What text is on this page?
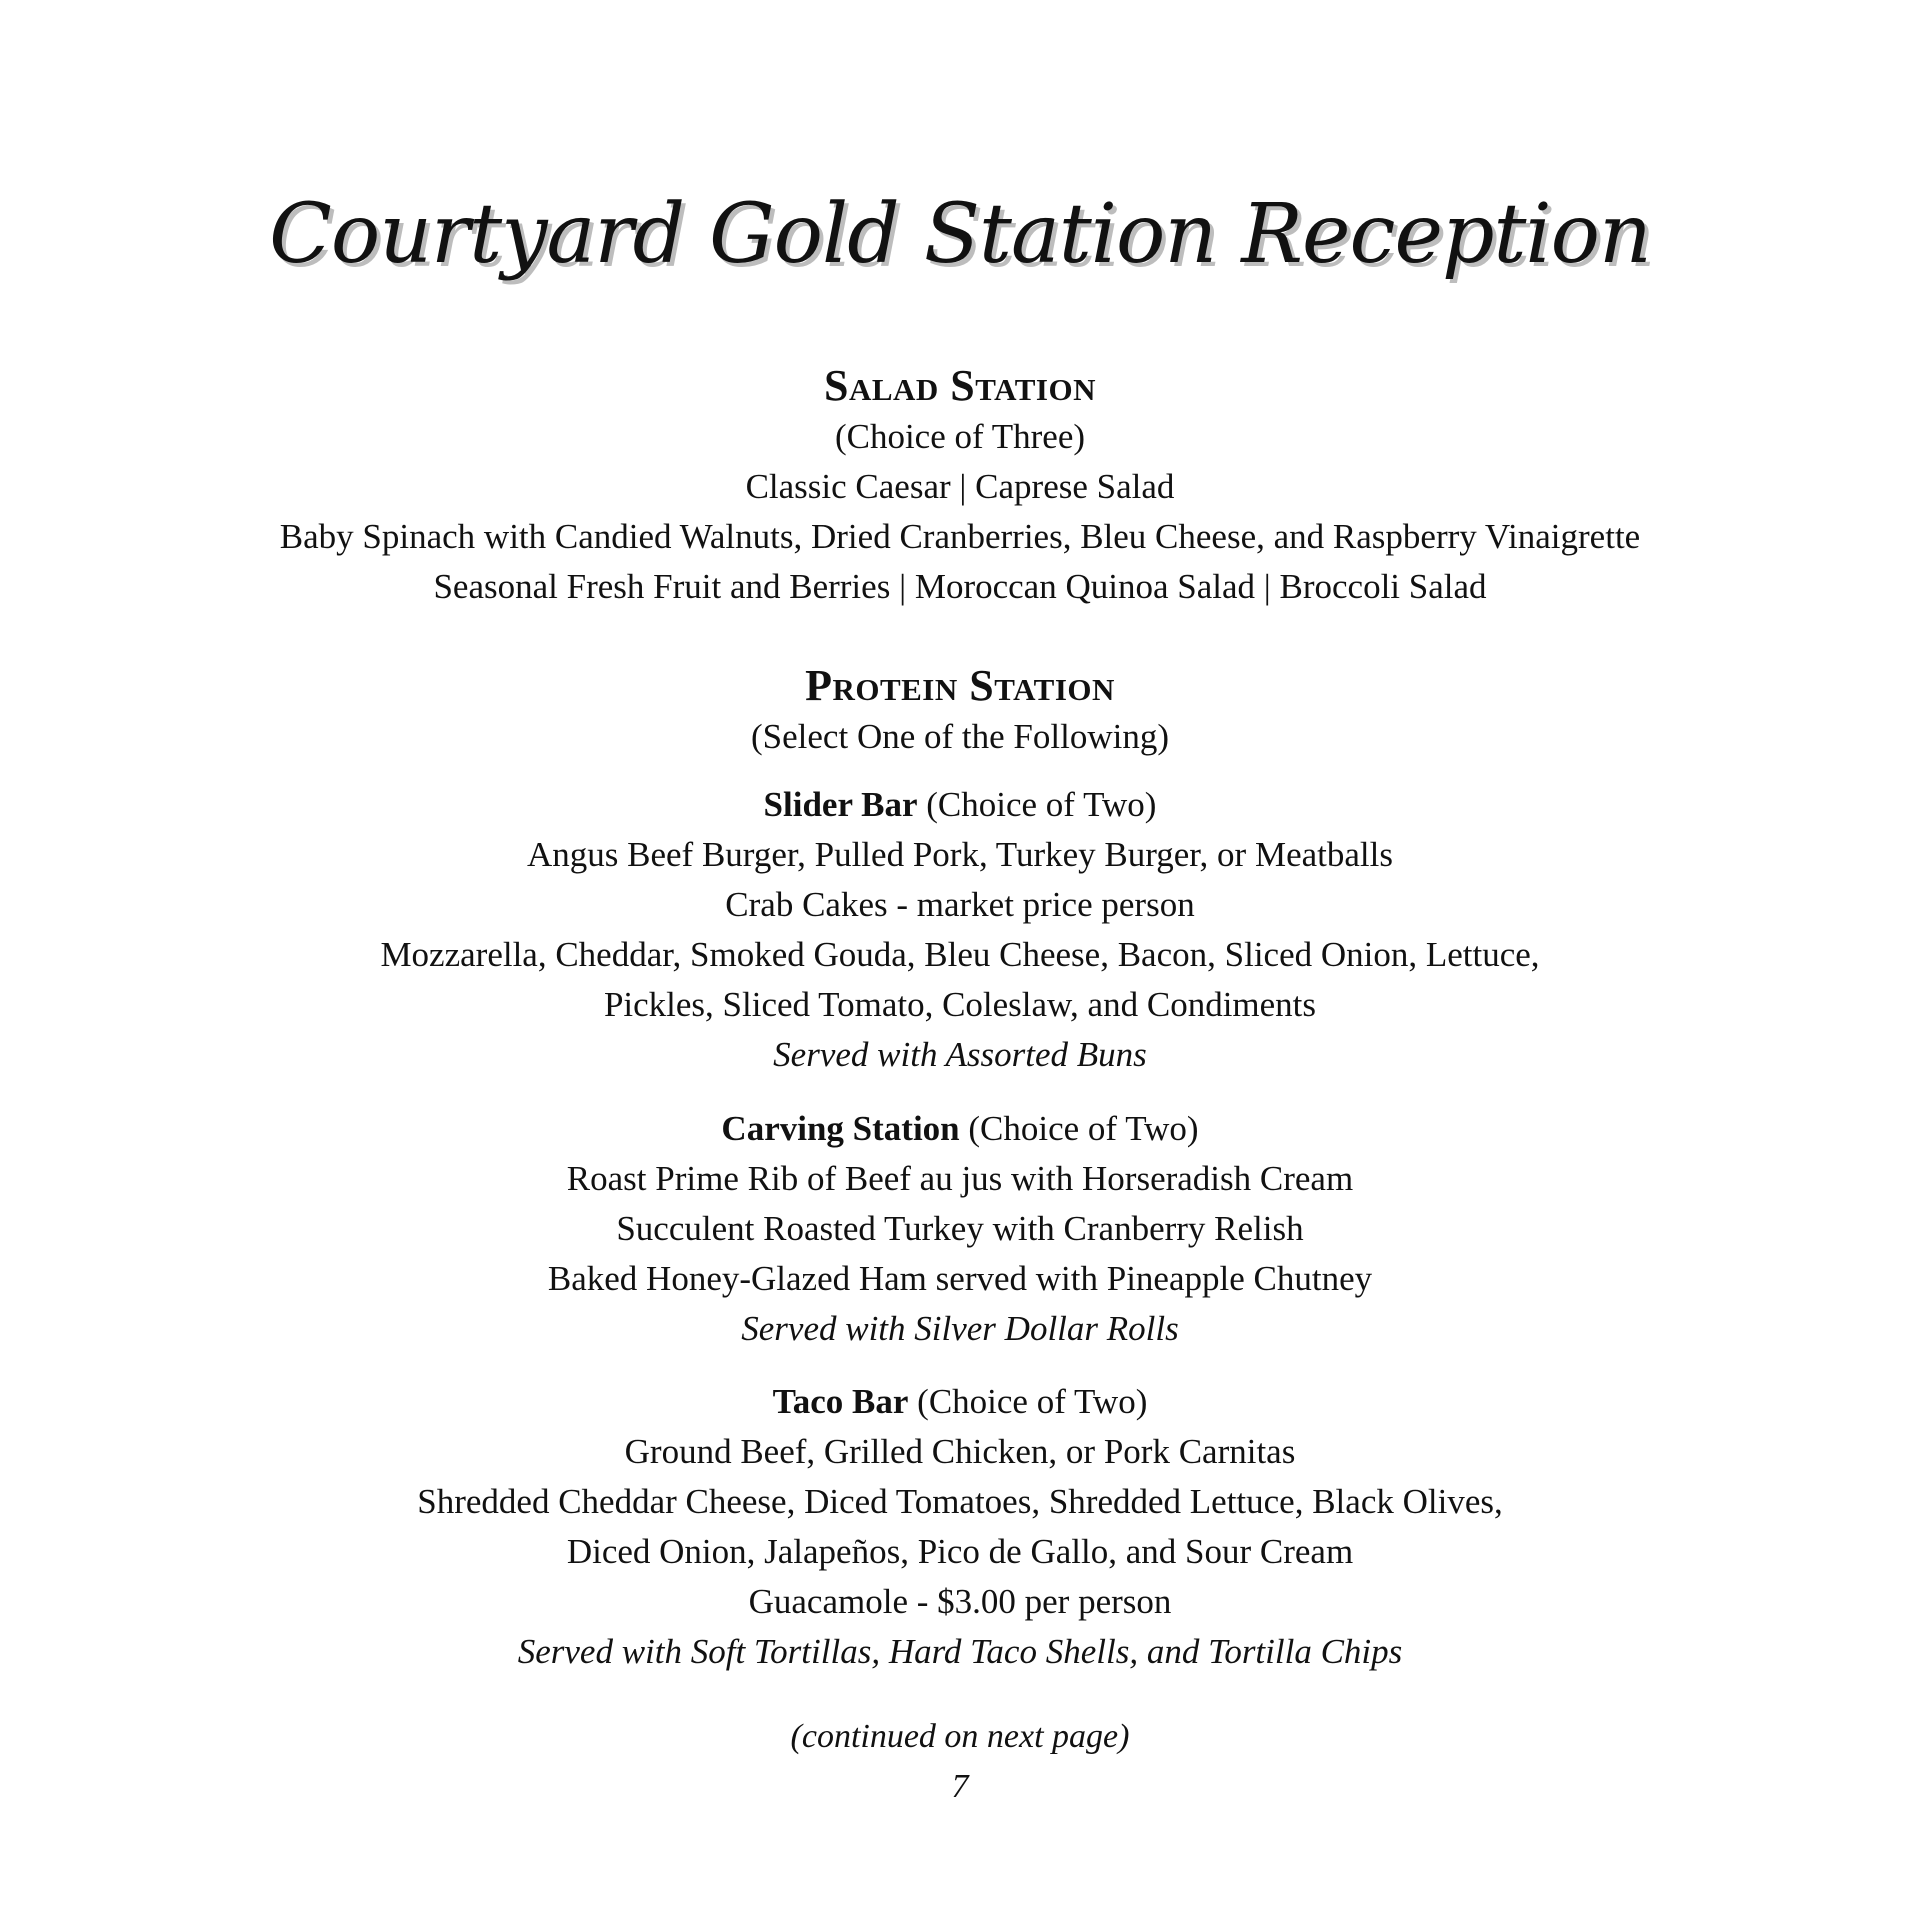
Courtyard Gold Station Reception
Salad Station
(Choice of Three)
Classic Caesar | Caprese Salad
Baby Spinach with Candied Walnuts, Dried Cranberries, Bleu Cheese, and Raspberry Vinaigrette
Seasonal Fresh Fruit and Berries | Moroccan Quinoa Salad | Broccoli Salad
Protein Station
(Select One of the Following)
Slider Bar (Choice of Two)
Angus Beef Burger, Pulled Pork, Turkey Burger, or Meatballs
Crab Cakes - market price person
Mozzarella, Cheddar, Smoked Gouda, Bleu Cheese, Bacon, Sliced Onion, Lettuce,
Pickles, Sliced Tomato, Coleslaw, and Condiments
Served with Assorted Buns
Carving Station (Choice of Two)
Roast Prime Rib of Beef au jus with Horseradish Cream
Succulent Roasted Turkey with Cranberry Relish
Baked Honey-Glazed Ham served with Pineapple Chutney
Served with Silver Dollar Rolls
Taco Bar (Choice of Two)
Ground Beef, Grilled Chicken, or Pork Carnitas
Shredded Cheddar Cheese, Diced Tomatoes, Shredded Lettuce, Black Olives,
Diced Onion, Jalapeños, Pico de Gallo, and Sour Cream
Guacamole - $3.00 per person
Served with Soft Tortillas, Hard Taco Shells, and Tortilla Chips
(continued on next page)
7
